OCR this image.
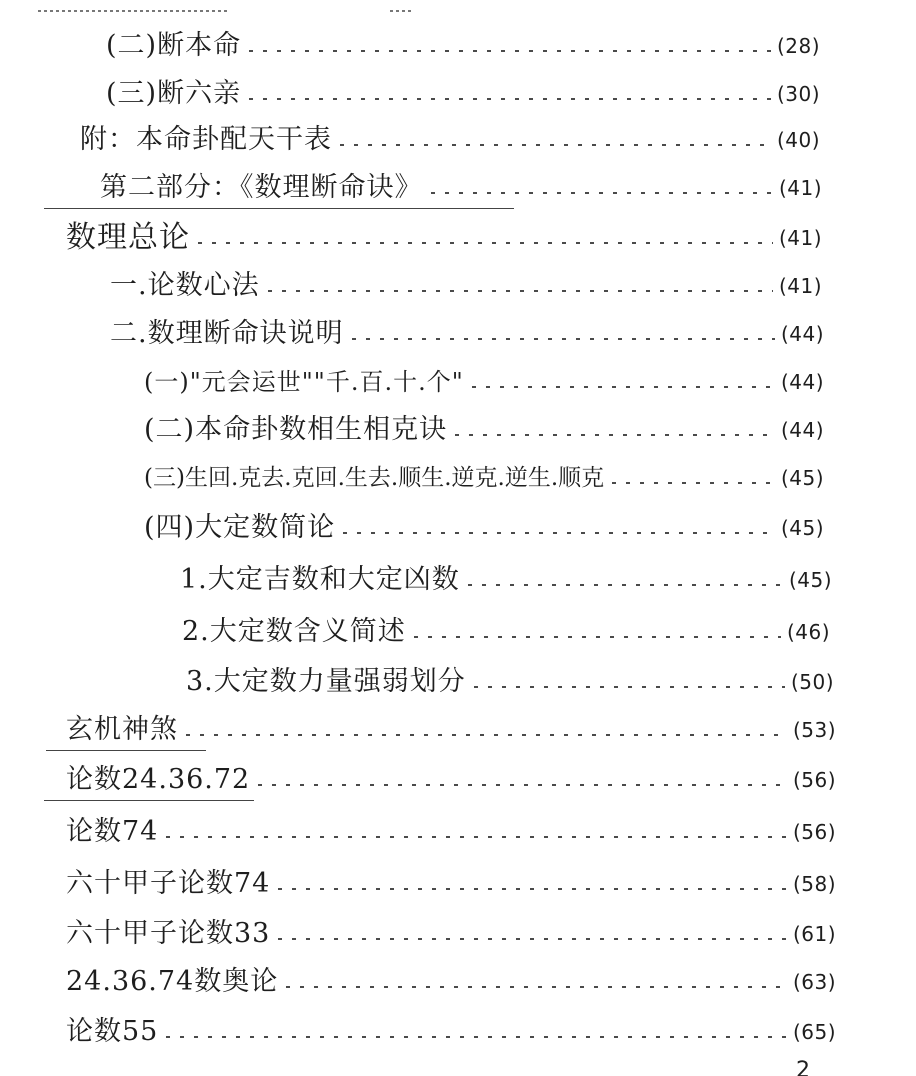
(二)断本命	(28)
(三)断六亲	(30)
附：本命卦配天干表	(40)
第二部分：《数理断命诀》	(41)
数理总论	(41)
一.论数心法	(41)
二.数理断命诀说明	(44)
(一)"元会运世""千.百.十.个"	(44)
(二)本命卦数相生相克诀	(44)
(三)生回.克去.克回.生去.顺生.逆克.逆生.顺克	(45)
(四)大定数简论	(45)
1.大定吉数和大定凶数	(45)
2.大定数含义简述	(46)
3.大定数力量强弱划分	(50)
玄机神煞	(53)
论数24.36.72	(56)
论数74	(56)
六十甲子论数74	(58)
六十甲子论数33	(61)
24.36.74数奥论	(63)
论数55	(65)
2
